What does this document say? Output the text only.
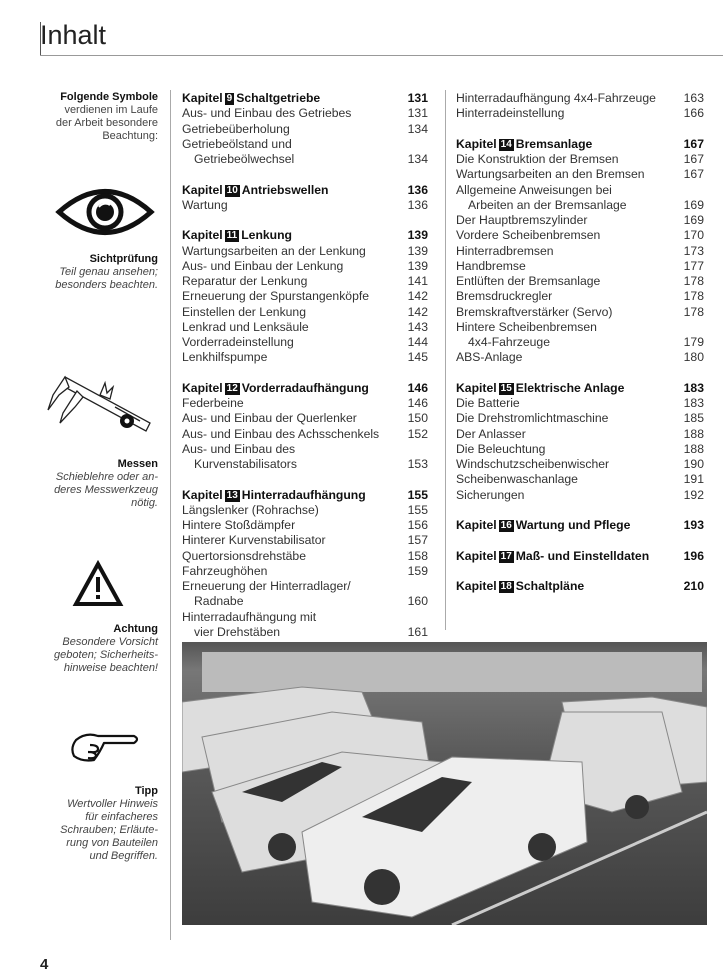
Inhalt
Folgende Symbole
verdienen im Laufe
der Arbeit besondere
Beachtung:
Sichtprüfung
Teil genau ansehen;
besonders beachten.
Messen
Schieblehre oder an-
deres Messwerkzeug
nötig.
Achtung
Besondere Vorsicht
geboten; Sicherheits-
hinweise beachten!
Tipp
Wertvoller Hinweis
für einfacheres
Schrauben; Erläute-
rung von Bauteilen
und Begriffen.
Kapitel 9 Schaltgetriebe	131
Aus- und Einbau des Getriebes	131
Getriebeüberholung	134
Getriebeölstand und
Getriebeölwechsel	134
Kapitel 10 Antriebswellen	136
Wartung	136
Kapitel 11 Lenkung	139
Wartungsarbeiten an der Lenkung	139
Aus- und Einbau der Lenkung	139
Reparatur der Lenkung	141
Erneuerung der Spurstangenköpfe	142
Einstellen der Lenkung	142
Lenkrad und Lenksäule	143
Vorderradeinstellung	144
Lenkhilfspumpe	145
Kapitel 12 Vorderradaufhängung	146
Federbeine	146
Aus- und Einbau der Querlenker	150
Aus- und Einbau des Achsschenkels 152
Aus- und Einbau des
Kurvenstabilisators	153
Kapitel 13 Hinterradaufhängung	155
Längslenker (Rohrachse)	155
Hintere Stoßdämpfer	156
Hinterer Kurvenstabilisator	157
Quertorsionsdrehstäbe	158
Fahrzeughöhen	159
Erneuerung der Hinterradlager/
Radnabe	160
Hinterradaufhängung mit
vier Drehstäben	161
Hinterradaufhängung 4x4-Fahrzeuge 163
Hinterradeinstellung	166
Kapitel 14 Bremsanlage	167
Die Konstruktion der Bremsen	167
Wartungsarbeiten an den Bremsen	167
Allgemeine Anweisungen bei
Arbeiten an der Bremsanlage	169
Der Hauptbremszylinder	169
Vordere Scheibenbremsen	170
Hinterradbremsen	173
Handbremse	177
Entlüften der Bremsanlage	178
Bremsdruckregler	178
Bremskraftverstärker (Servo)	178
Hintere Scheibenbremsen
4x4-Fahrzeuge	179
ABS-Anlage	180
Kapitel 15 Elektrische Anlage	183
Die Batterie	183
Die Drehstromlichtmaschine	185
Der Anlasser	188
Die Beleuchtung	188
Windschutzscheibenwischer	190
Scheibenwaschanlage	191
Sicherungen	192
Kapitel 16 Wartung und Pflege	193
Kapitel 17 Maß- und Einstelldaten	196
Kapitel 18 Schaltpläne	210
4
